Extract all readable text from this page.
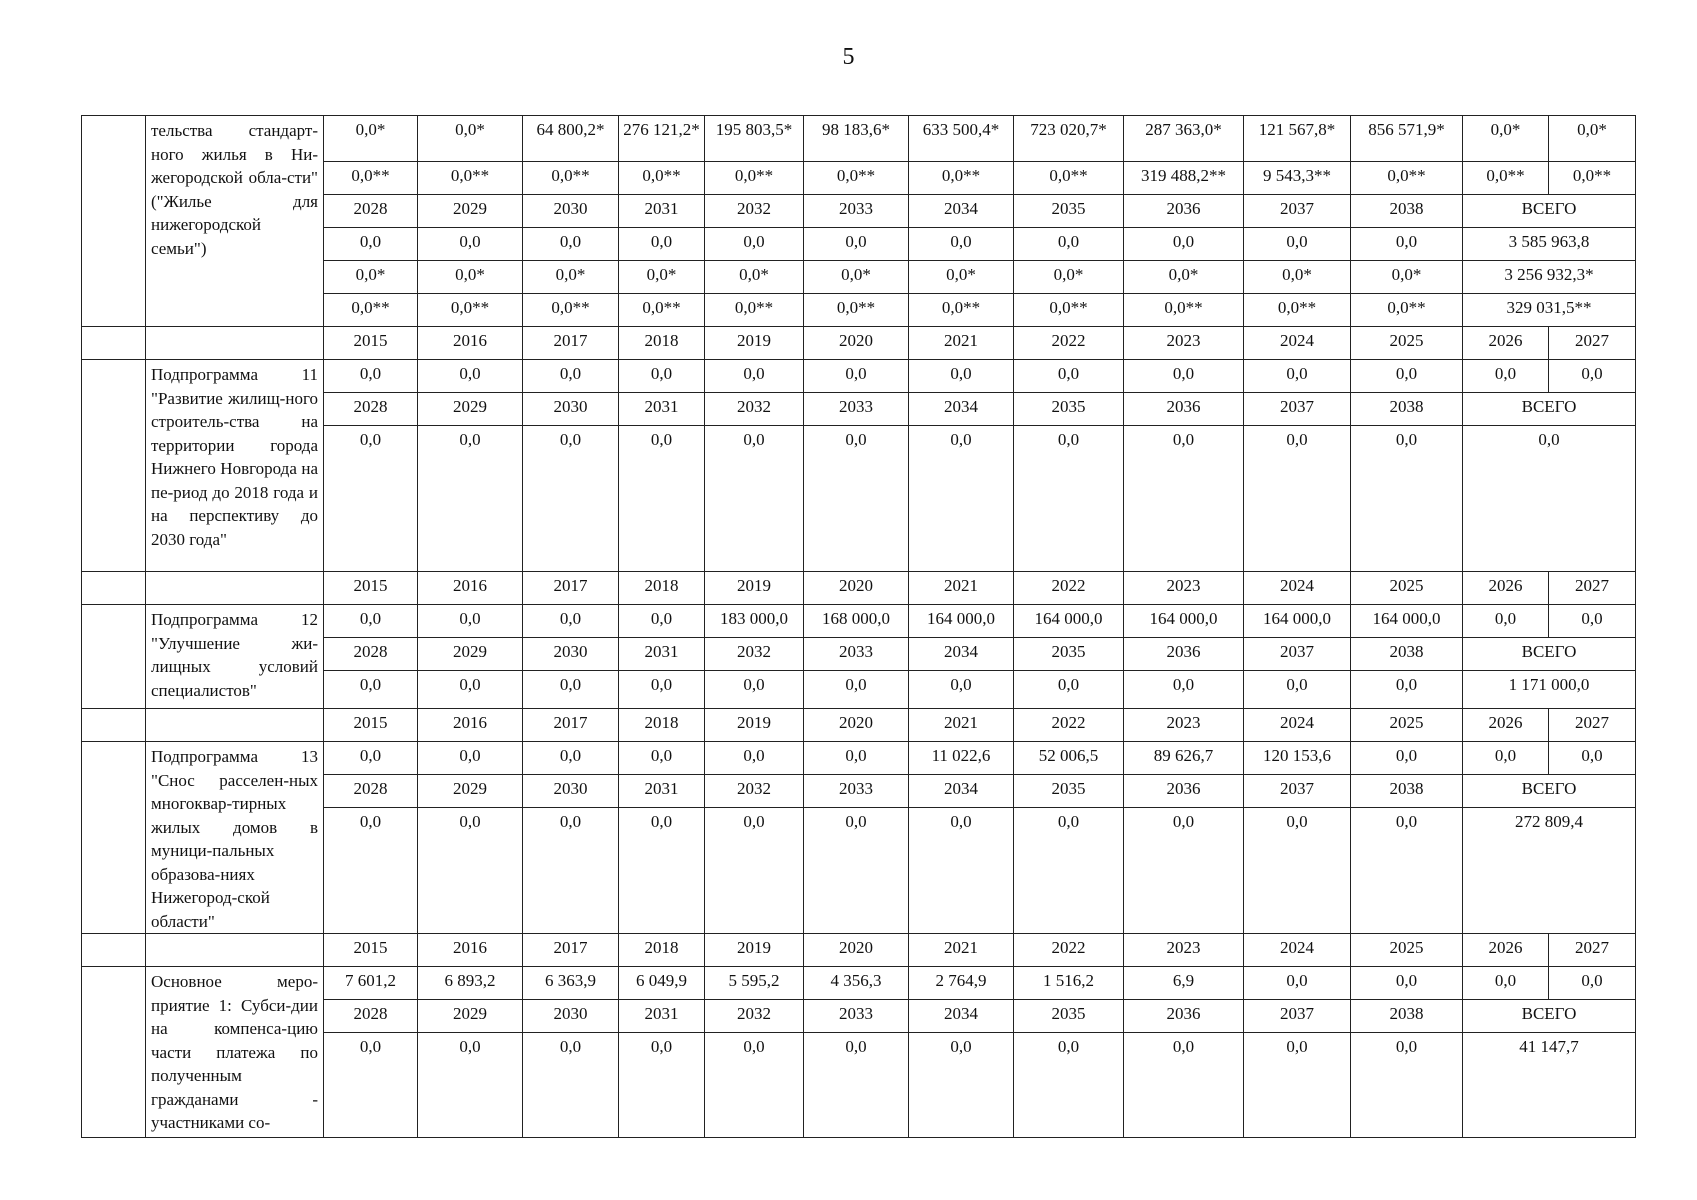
5
	тельства стандарт-ного жилья в Ни-жегородской обла-сти" ("Жилье для нижегородской семьи")	0,0*	0,0*	64 800,2*	276 121,2*	195 803,5*	98 183,6*	633 500,4*	723 020,7*	287 363,0*	121 567,8*	856 571,9*	0,0*	0,0*
		0,0**	0,0**	0,0**	0,0**	0,0**	0,0**	0,0**	0,0**	319 488,2**	9 543,3**	0,0**	0,0**	0,0**
		2028	2029	2030	2031	2032	2033	2034	2035	2036	2037	2038	ВСЕГО	
		0,0	0,0	0,0	0,0	0,0	0,0	0,0	0,0	0,0	0,0	0,0	3 585 963,8	
		0,0*	0,0*	0,0*	0,0*	0,0*	0,0*	0,0*	0,0*	0,0*	0,0*	0,0*	3 256 932,3*	
		0,0**	0,0**	0,0**	0,0**	0,0**	0,0**	0,0**	0,0**	0,0**	0,0**	0,0**	329 031,5**	
		2015	2016	2017	2018	2019	2020	2021	2022	2023	2024	2025	2026	2027
	Подпрограмма 11 "Развитие жилищ-ного строитель-ства на территории города Нижнего Новгорода на пе-риод до 2018 года и на перспективу до 2030 года"	0,0	0,0	0,0	0,0	0,0	0,0	0,0	0,0	0,0	0,0	0,0	0,0	0,0
		2028	2029	2030	2031	2032	2033	2034	2035	2036	2037	2038	ВСЕГО	
		0,0	0,0	0,0	0,0	0,0	0,0	0,0	0,0	0,0	0,0	0,0	0,0	
		2015	2016	2017	2018	2019	2020	2021	2022	2023	2024	2025	2026	2027
	Подпрограмма 12 "Улучшение жи-лищных условий специалистов"	0,0	0,0	0,0	0,0	183 000,0	168 000,0	164 000,0	164 000,0	164 000,0	164 000,0	164 000,0	0,0	0,0
		2028	2029	2030	2031	2032	2033	2034	2035	2036	2037	2038	ВСЕГО	
		0,0	0,0	0,0	0,0	0,0	0,0	0,0	0,0	0,0	0,0	0,0	1 171 000,0	
		2015	2016	2017	2018	2019	2020	2021	2022	2023	2024	2025	2026	2027
	Подпрограмма 13 "Снос расселен-ных многоквар-тирных жилых домов в муници-пальных образова-ниях Нижегород-ской области"	0,0	0,0	0,0	0,0	0,0	0,0	11 022,6	52 006,5	89 626,7	120 153,6	0,0	0,0	0,0
		2028	2029	2030	2031	2032	2033	2034	2035	2036	2037	2038	ВСЕГО	
		0,0	0,0	0,0	0,0	0,0	0,0	0,0	0,0	0,0	0,0	0,0	272 809,4	
		2015	2016	2017	2018	2019	2020	2021	2022	2023	2024	2025	2026	2027
	Основное меро-приятие 1: Субси-дии на компенса-цию части платежа по полученным гражданами - участниками со-	7 601,2	6 893,2	6 363,9	6 049,9	5 595,2	4 356,3	2 764,9	1 516,2	6,9	0,0	0,0	0,0	0,0
		2028	2029	2030	2031	2032	2033	2034	2035	2036	2037	2038	ВСЕГО	
		0,0	0,0	0,0	0,0	0,0	0,0	0,0	0,0	0,0	0,0	0,0	41 147,7	
